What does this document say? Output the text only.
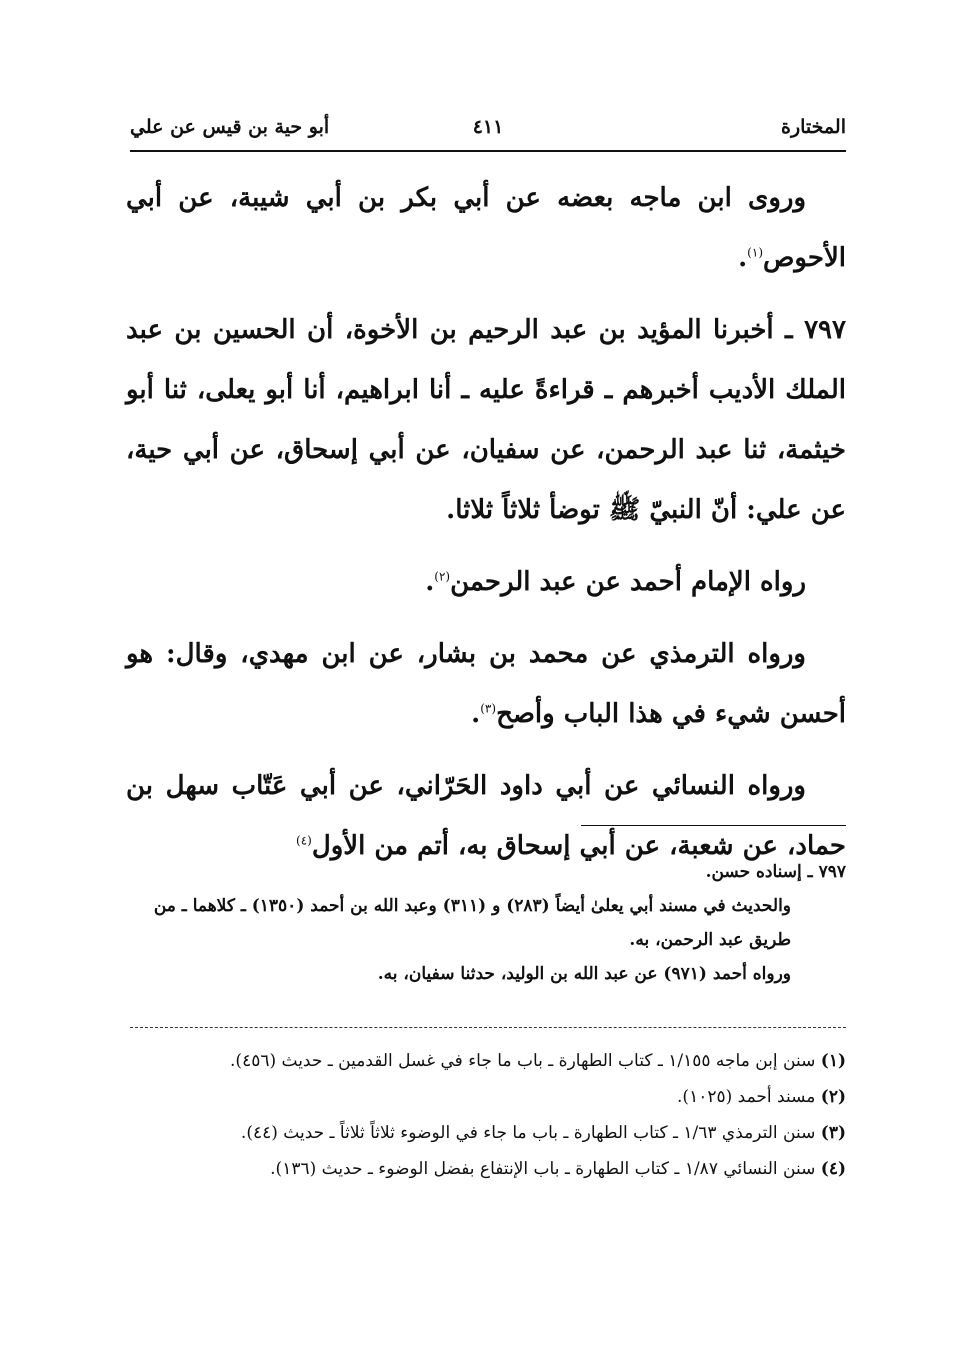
المختارة
٤١١
أبو حية بن قيس عن علي

وروى ابن ماجه بعضه عن أبي بكر بن أبي شيبة، عن أبي الأحوص$^{(١)}$.

٧٩٧ ـ أخبرنا المؤيد بن عبد الرحيم بن الأخوة، أن الحسين بن عبد الملك الأديب أخبرهم ـ قراءةً عليه ـ أنا ابراهيم، أنا أبو يعلى، ثنا أبو خيثمة، ثنا عبد الرحمن، عن سفيان، عن أبي إسحاق، عن أبي حية، عن علي: أنّ النبيّ ﷺ توضأ ثلاثاً ثلاثا.

رواه الإمام أحمد عن عبد الرحمن$^{(٢)}$.

ورواه الترمذي عن محمد بن بشار، عن ابن مهدي، وقال: هو أحسن شيء في هذا الباب وأصح$^{(٣)}$.

ورواه النسائي عن أبي داود الحَرّاني، عن أبي عَتّاب سهل بن حماد، عن شعبة، عن أبي إسحاق به، أتم من الأول$^{(٤)}$

٧٩٧ ـ إسناده حسن.

والحديث في مسند أبي يعلىٰ أيضاً (٢٨٣) و (٣١١) وعبد الله بن أحمد (١٣٥٠) ـ كلاهما ـ من طريق عبد الرحمن، به.

ورواه أحمد (٩٧١) عن عبد الله بن الوليد، حدثنا سفيان، به.

(١) سنن إبن ماجه ١/١٥٥ ـ كتاب الطهارة ـ باب ما جاء في غسل القدمين ـ حديث (٤٥٦).

(٢) مسند أحمد (١٠٢٥).

(٣) سنن الترمذي ١/٦٣ ـ كتاب الطهارة ـ باب ما جاء في الوضوء ثلاثاً ثلاثاً ـ حديث (٤٤).

(٤) سنن النسائي ١/٨٧ ـ كتاب الطهارة ـ باب الإنتفاع بفضل الوضوء ـ حديث (١٣٦).
